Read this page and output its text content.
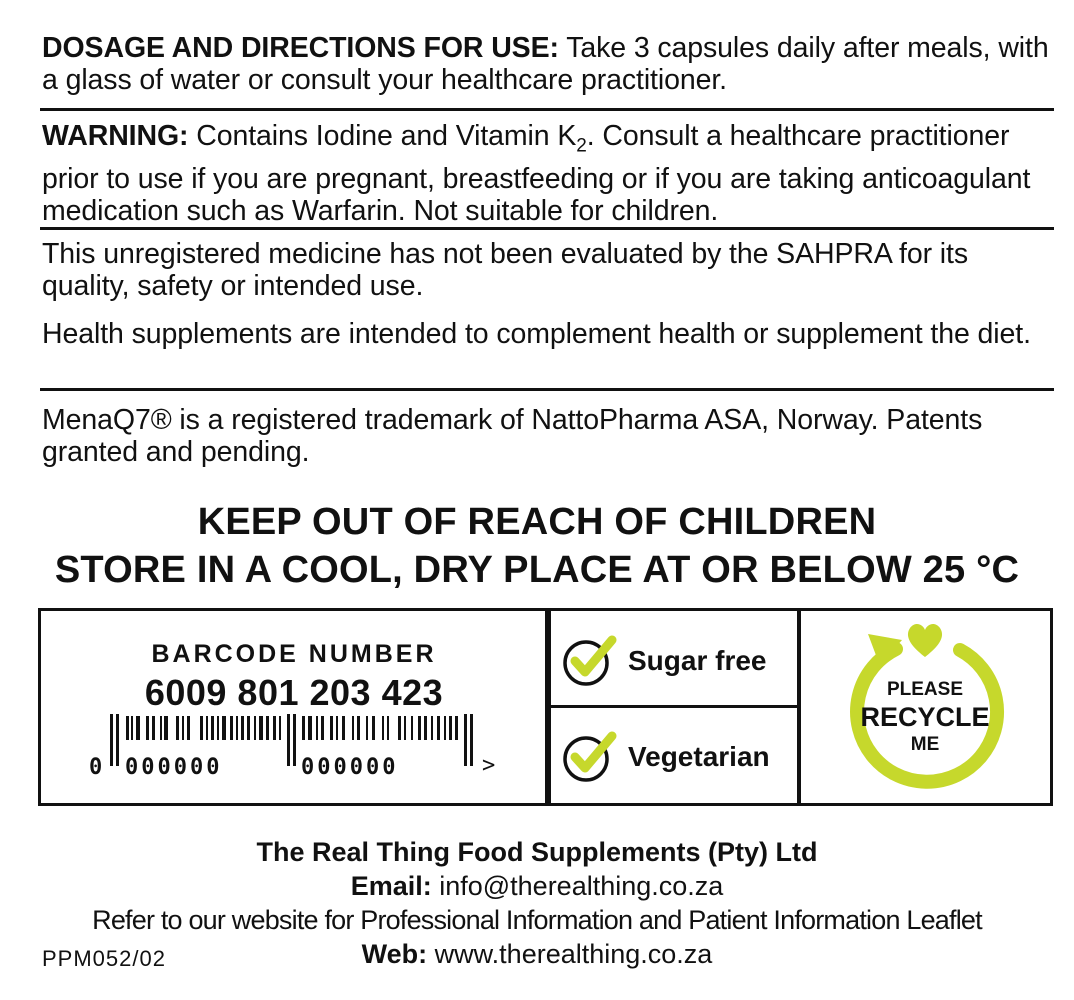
DOSAGE AND DIRECTIONS FOR USE: Take 3 capsules daily after meals, with a glass of water or consult your healthcare practitioner.
WARNING: Contains Iodine and Vitamin $K_2$. Consult a healthcare practitioner prior to use if you are pregnant, breastfeeding or if you are taking anticoagulant medication such as Warfarin. Not suitable for children.
This unregistered medicine has not been evaluated by the SAHPRA for its quality, safety or intended use.
Health supplements are intended to complement health or supplement the diet.
MenaQ7® is a registered trademark of NattoPharma ASA, Norway. Patents granted and pending.
KEEP OUT OF REACH OF CHILDREN
STORE IN A COOL, DRY PLACE AT OR BELOW 25 °C
BARCODE NUMBER
6009 801 203 423
0 000000	000000	>
Sugar free
Vegetarian
PLEASE
RECYCLE
ME
The Real Thing Food Supplements (Pty) Ltd
Email: info@therealthing.co.za
Refer to our website for Professional Information and Patient Information Leaflet
Web: www.therealthing.co.za
PPM052/02
